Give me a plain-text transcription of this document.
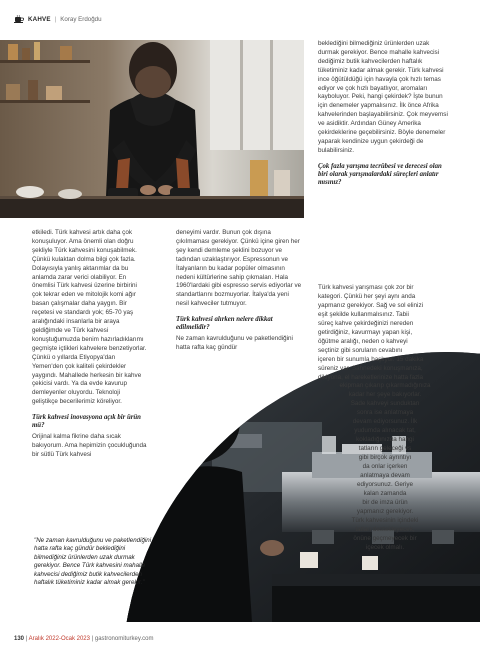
KAHVE | Koray Erdoğdu

etkiledi. Türk kahvesi artık daha çok konuşuluyor. Ama önemli olan doğru şekliyle Türk kahvesini konuşabilmek. Çünkü kulaktan dolma bilgi çok fazla. Dolayısıyla yanlış aktarımlar da bu anlamda zarar verici olabiliyor. En önemlisi Türk kahvesi üzerine birbirini çok tekrar eden ve mitolojik komi ağır basan çalışmalar daha yaygın. Bir reçetesi ve standardı yok; 65-70 yaş aralığındaki insanlarla bir araya geldiğimde ve Türk kahvesi konuştuğumuzda benim hazırladıklarımı geçmişte içtikleri kahvelere benzetiyorlar. Çünkü o yıllarda Etiyopya'dan Yemen'den çok kaliteli çekirdekler yaygındı. Mahallede herkesin bir kahve çekicisi vardı. Ya da evde kavurup demleyenler oluyordu. Teknoloji geliştikçe becerilerimiz köreliyor.

Türk kahvesi inovasyona açık bir ürün mü?

Orijinal kalma fikrine daha sıcak bakıyorum. Ama hepimizin çocukluğunda bir sütlü Türk kahvesi

"Ne zaman kavrulduğunu ve paketlendiğini hatta rafta kaç gündür beklediğini bilmediğiniz ürünlerden uzak durmak gerekiyor. Bence Türk kahvesini mahalle kahvecisi dediğimiz butik kahvecilerden haftalık tüketiminiz kadar almak gerekir."

deneyimi vardır. Bunun çok dışına çıkılmaması gerekiyor. Çünkü içine giren her şey kendi demleme şeklini bozuyor ve tadından uzaklaştırıyor. Espressonun ve İtalyanların bu kadar popüler olmasının nedeni kültürlerine sahip çıkmaları. Hala 1960'lardaki gibi espresso servis ediyorlar ve standartlarını bozmuyorlar. İtalya'da yeni nesil kahveciler tutmuyor.

Türk kahvesi alırken nelere dikkat edilmelidir?

Ne zaman kavrulduğunu ve paketlendiğini hatta rafta kaç gündür

beklediğini bilmediğiniz ürünlerden uzak durmak gerekiyor. Bence mahalle kahvecisi dediğimiz butik kahvecilerden haftalık tüketiminiz kadar almak gerekir. Türk kahvesi ince öğütüldüğü için havayla çok hızlı temas ediyor ve çok hızlı bayatlıyor, aromaları kayboluyor. Peki, hangi çekirdek? İşte bunun için denemeler yapmalısınız. İlk önce Afrika kahvelerinden başlayabilirsiniz. Çok meyvemsi ve asidiktir. Ardından Güney Amerika çekirdeklerine geçebilirsiniz. Böyle denemeler yaparak kendinize uygun çekirdeği de bulabilirsiniz.

Çok fazla yarışma tecrübesi ve derecesi olan biri olarak yarışmalardaki süreçleri anlatır mısınız?

Türk kahvesi yarışması çok zor bir
kategori. Çünkü her şeyi aynı anda
yapmanız gerekiyor. Sağ ve sol elinizi
eşit şekilde kullanmalısınız. Tabii
süreç kahve çekirdeğinizi nereden
getirdiğiniz, kavurmayı yapan kişi,
öğütme aralığı, neden o kahveyi
seçtiniz gibi soruların cevabını
içeren bir sunumla başlıyor. 15 dakika
süreniz var. Sahnedeki konuşmanıza,
dikiyona, el hareketlerinize hatta fazla
ekipman çıkarıp çıkarmadığınıza
kadar her şeye bakıyorlar.
Sade kahveyi sunduktan
sonra ise anlatmaya
devam ediyorsunuz. İlk
yudumda alınacak tat,
kokladığınızda hangi
tatların geleceği vs
gibi birçok ayrıntıyı
da onlar içerken
anlatmaya devam
ediyorsunuz. Geriye
kalan zamanda
bir de imza ürün
yapmanız gerekiyor.
Türk kahvesinin içindeki
tatları destekleyecek,
önüne geçmeyecek bir
içecek olmalı.
130 | Aralık 2022-Ocak 2023 | gastronomiturkey.com
